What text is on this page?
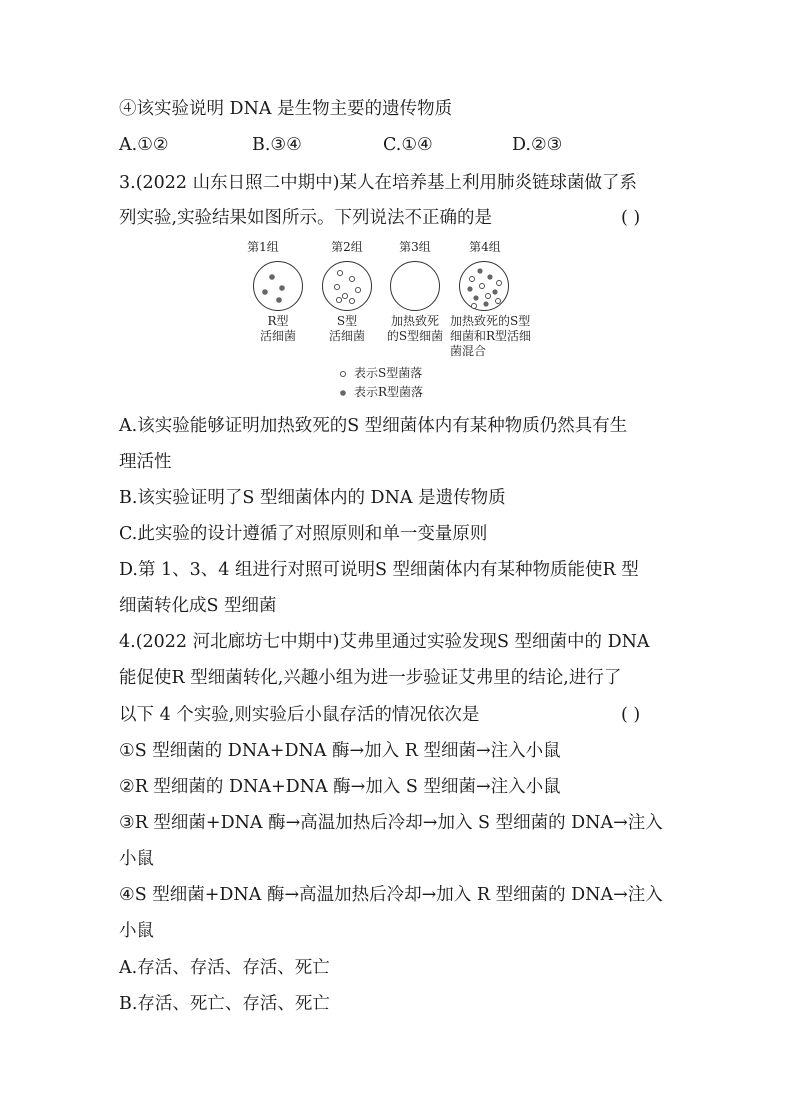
④该实验说明 DNA 是生物主要的遗传物质
A.①②	B.③④	C.①④	D.②③
3.(2022 山东日照二中期中)某人在培养基上利用肺炎链球菌做了系
列实验,实验结果如图所示。下列说法不正确的是	( )
第1组	第2组	第3组	第4组
R型
活细菌
S型
活细菌
加热致死
的S型细菌
加热致死的S型
细菌和R型活细
菌混合
表示S型菌落
表示R型菌落
A.该实验能够证明加热致死的S 型细菌体内有某种物质仍然具有生
理活性
B.该实验证明了S 型细菌体内的 DNA 是遗传物质
C.此实验的设计遵循了对照原则和单一变量原则
D.第 1、3、4 组进行对照可说明S 型细菌体内有某种物质能使R 型
细菌转化成S 型细菌
4.(2022 河北廊坊七中期中)艾弗里通过实验发现S 型细菌中的 DNA
能促使R 型细菌转化,兴趣小组为进一步验证艾弗里的结论,进行了
以下 4 个实验,则实验后小鼠存活的情况依次是	( )
①S 型细菌的 DNA+DNA 酶→加入 R 型细菌→注入小鼠
②R 型细菌的 DNA+DNA 酶→加入 S 型细菌→注入小鼠
③R 型细菌+DNA 酶→高温加热后冷却→加入 S 型细菌的 DNA→注入
小鼠
④S 型细菌+DNA 酶→高温加热后冷却→加入 R 型细菌的 DNA→注入
小鼠
A.存活、存活、存活、死亡
B.存活、死亡、存活、死亡
